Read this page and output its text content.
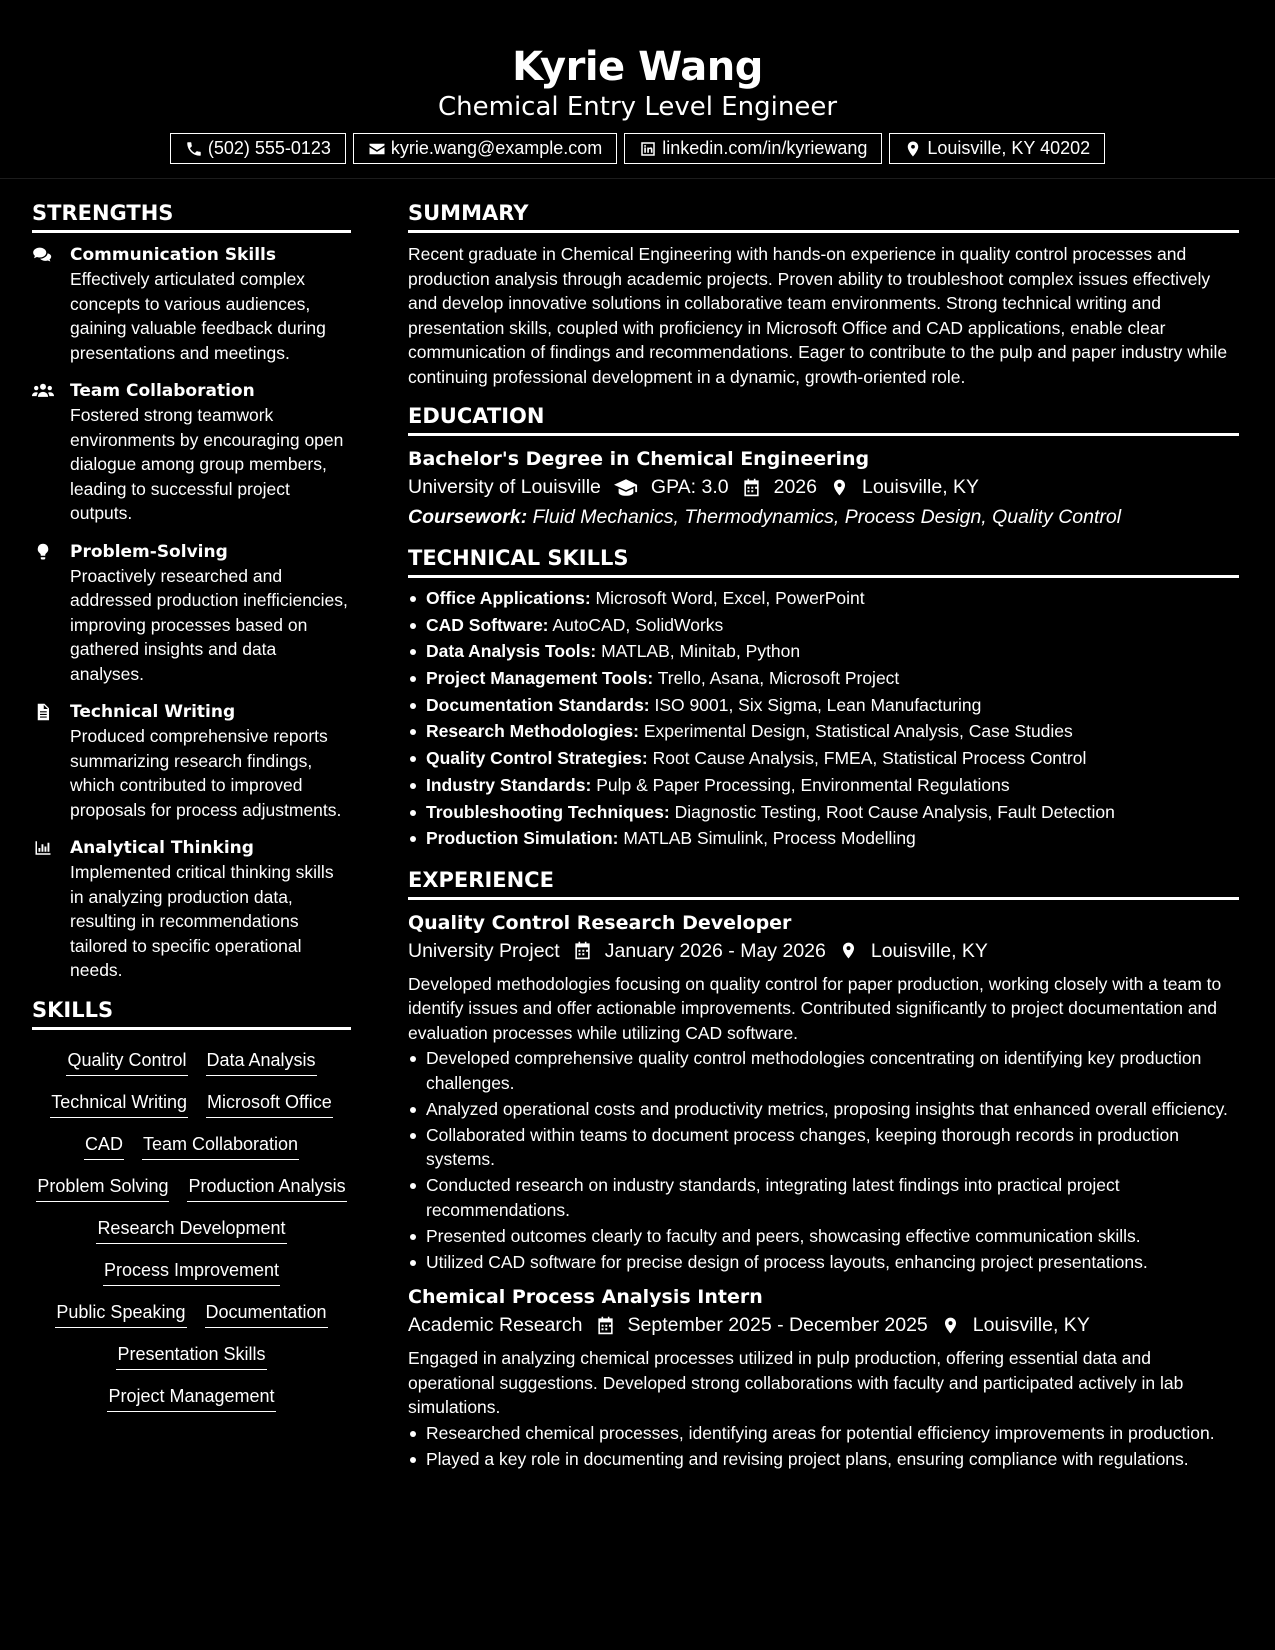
Kyrie Wang
Chemical Entry Level Engineer
(502) 555-0123	kyrie.wang@example.com	linkedin.com/in/kyriewang	Louisville, KY 40202
STRENGTHS
Communication Skills
Effectively articulated complex concepts to various audiences, gaining valuable feedback during presentations and meetings.
Team Collaboration
Fostered strong teamwork environments by encouraging open dialogue among group members, leading to successful project outputs.
Problem-Solving
Proactively researched and addressed production inefficiencies, improving processes based on gathered insights and data analyses.
Technical Writing
Produced comprehensive reports summarizing research findings, which contributed to improved proposals for process adjustments.
Analytical Thinking
Implemented critical thinking skills in analyzing production data, resulting in recommendations tailored to specific operational needs.
SKILLS
Quality Control Data Analysis
Technical Writing Microsoft Office
CAD Team Collaboration
Problem Solving Production Analysis
Research Development
Process Improvement
Public Speaking Documentation
Presentation Skills
Project Management
SUMMARY
Recent graduate in Chemical Engineering with hands-on experience in quality control processes and production analysis through academic projects. Proven ability to troubleshoot complex issues effectively and develop innovative solutions in collaborative team environments. Strong technical writing and presentation skills, coupled with proficiency in Microsoft Office and CAD applications, enable clear communication of findings and recommendations. Eager to contribute to the pulp and paper industry while continuing professional development in a dynamic, growth-oriented role.
EDUCATION
Bachelor's Degree in Chemical Engineering
University of Louisville	GPA: 3.0 2026 Louisville, KY
Coursework: Fluid Mechanics, Thermodynamics, Process Design, Quality Control
TECHNICAL SKILLS
Office Applications: Microsoft Word, Excel, PowerPoint
CAD Software: AutoCAD, SolidWorks
Data Analysis Tools: MATLAB, Minitab, Python
Project Management Tools: Trello, Asana, Microsoft Project
Documentation Standards: ISO 9001, Six Sigma, Lean Manufacturing
Research Methodologies: Experimental Design, Statistical Analysis, Case Studies
Quality Control Strategies: Root Cause Analysis, FMEA, Statistical Process Control
Industry Standards: Pulp & Paper Processing, Environmental Regulations
Troubleshooting Techniques: Diagnostic Testing, Root Cause Analysis, Fault Detection
Production Simulation: MATLAB Simulink, Process Modelling
EXPERIENCE
Quality Control Research Developer
University Project January 2026 - May 2026 Louisville, KY
Developed methodologies focusing on quality control for paper production, working closely with a team to identify issues and offer actionable improvements. Contributed significantly to project documentation and evaluation processes while utilizing CAD software.
Developed comprehensive quality control methodologies concentrating on identifying key production challenges.
Analyzed operational costs and productivity metrics, proposing insights that enhanced overall efficiency.
Collaborated within teams to document process changes, keeping thorough records in production systems.
Conducted research on industry standards, integrating latest findings into practical project recommendations.
Presented outcomes clearly to faculty and peers, showcasing effective communication skills.
Utilized CAD software for precise design of process layouts, enhancing project presentations.
Chemical Process Analysis Intern
Academic Research September 2025 - December 2025 Louisville, KY
Engaged in analyzing chemical processes utilized in pulp production, offering essential data and operational suggestions. Developed strong collaborations with faculty and participated actively in lab simulations.
Researched chemical processes, identifying areas for potential efficiency improvements in production.
Played a key role in documenting and revising project plans, ensuring compliance with regulations.
